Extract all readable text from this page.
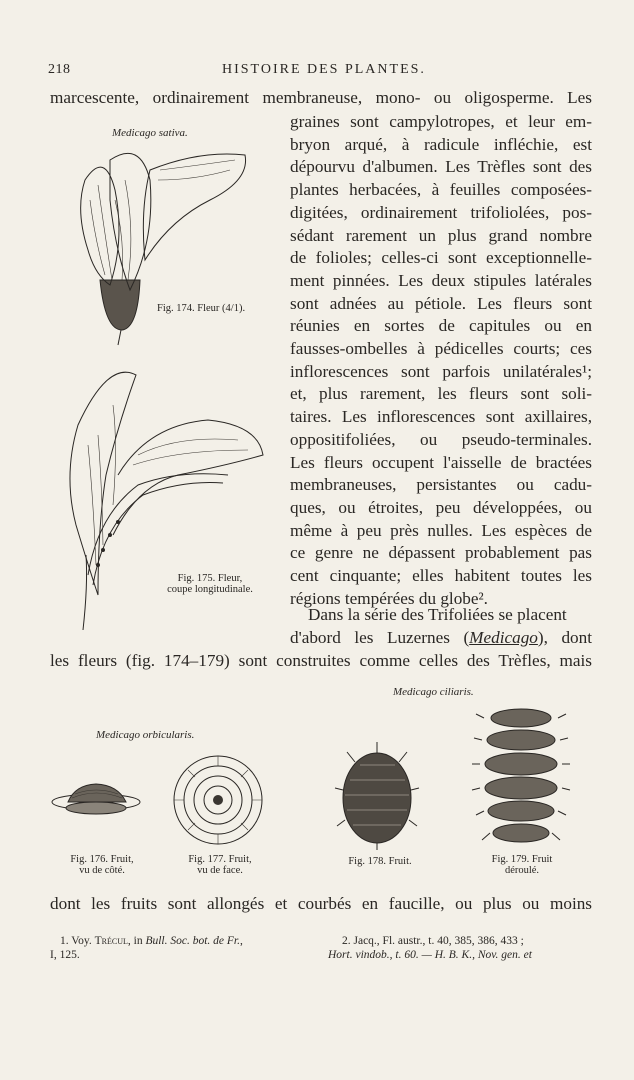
218	HISTOIRE DES PLANTES.
marcescente, ordinairement membraneuse, mono- ou oligosperme. Les
graines sont campylotropes, et leur em-
bryon arqué, à radicule infléchie, est
dépourvu d'albumen. Les Trèfles sont des
plantes herbacées, à feuilles composées-
digitées, ordinairement trifoliolées, pos-
sédant rarement un plus grand nombre
de folioles; celles-ci sont exceptionnelle-
ment pinnées. Les deux stipules latérales
sont adnées au pétiole. Les fleurs sont
réunies en sortes de capitules ou en
fausses-ombelles à pédicelles courts; ces
inflorescences sont parfois unilatérales¹;
et, plus rarement, les fleurs sont soli-
taires. Les inflorescences sont axillaires,
oppositifoliées, ou pseudo-terminales.
Les fleurs occupent l'aisselle de bractées
membraneuses, persistantes ou cadu-
ques, ou étroites, peu développées, ou
même à peu près nulles. Les espèces de
ce genre ne dépassent probablement pas
cent cinquante; elles habitent toutes les
régions tempérées du globe².
Dans la série des Trifoliées se placent
d'abord les Luzernes (Medicago), dont
les fleurs (fig. 174–179) sont construites comme celles des Trèfles, mais
Medicago sativa.
Fig. 174. Fleur (4/1).
Fig. 175. Fleur,
coupe longitudinale.
Medicago ciliaris.
Medicago orbicularis.
Fig. 176. Fruit,
vu de côté.
Fig. 177. Fruit,
vu de face.
Fig. 178. Fruit.	Fig. 179. Fruit
déroulé.
dont les fruits sont allongés et courbés en faucille, ou plus ou moins
1. Voy. Trécul, in Bull. Soc. bot. de Fr.,
I, 125.
2. Jacq., Fl. austr., t. 40, 385, 386, 433 ;
Hort. vindob., t. 60. — H. B. K., Nov. gen. et
